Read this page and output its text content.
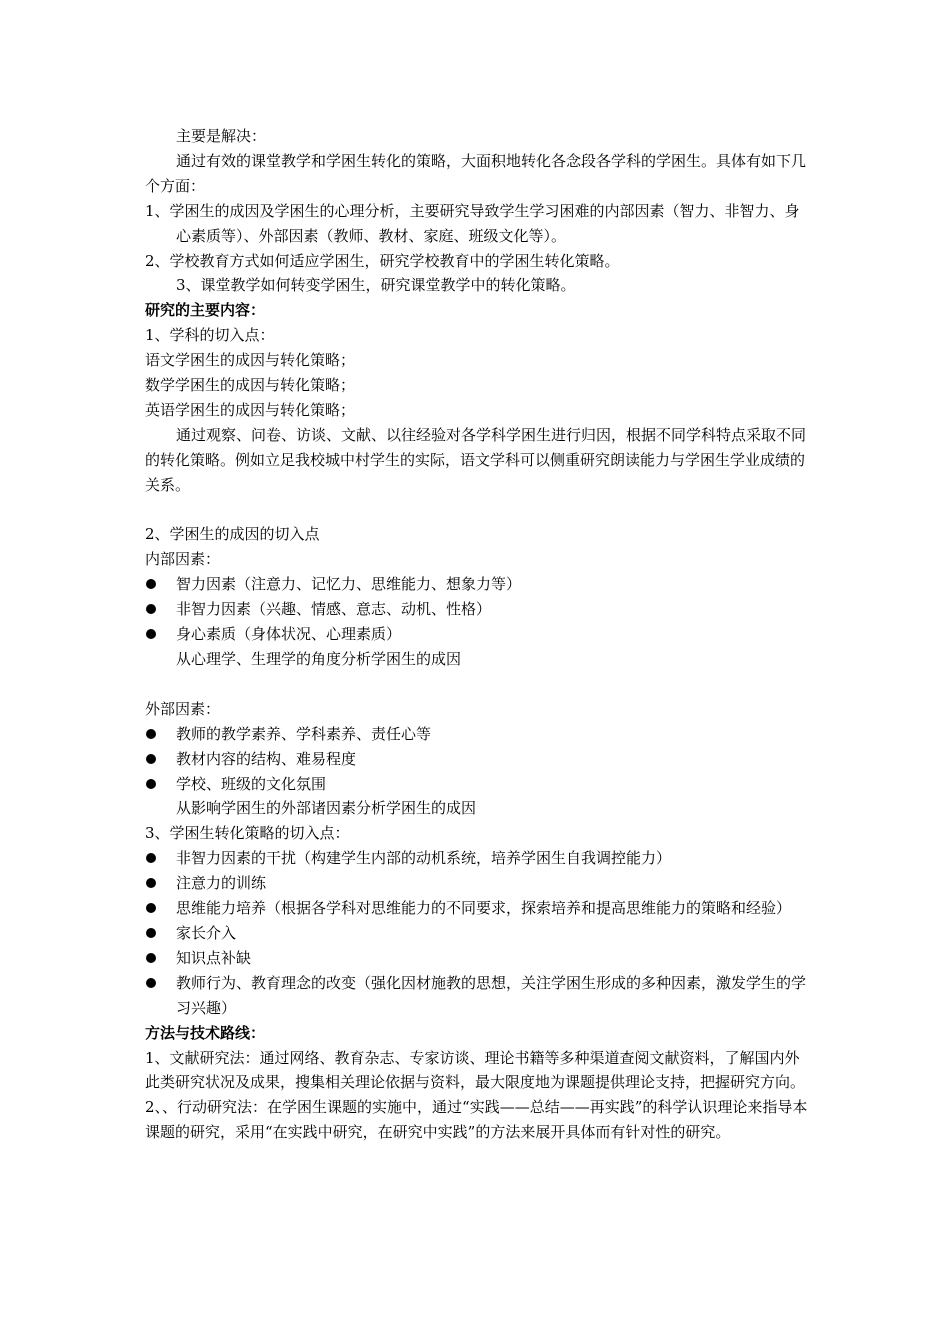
主要是解决：

通过有效的课堂教学和学困生转化的策略，大面积地转化各念段各学科的学困生。具体有如下几个方面：

1、学困生的成因及学困生的心理分析，主要研究导致学生学习困难的内部因素（智力、非智力、身心素质等）、外部因素（教师、教材、家庭、班级文化等）。

2、学校教育方式如何适应学困生，研究学校教育中的学困生转化策略。

3、课堂教学如何转变学困生，研究课堂教学中的转化策略。

研究的主要内容：

1、学科的切入点：

语文学困生的成因与转化策略；

数学学困生的成因与转化策略；

英语学困生的成因与转化策略；

通过观察、问卷、访谈、文献、以往经验对各学科学困生进行归因，根据不同学科特点采取不同的转化策略。例如立足我校城中村学生的实际，语文学科可以侧重研究朗读能力与学困生学业成绩的关系。

2、学困生的成因的切入点

内部因素：

智力因素（注意力、记忆力、思维能力、想象力等）
非智力因素（兴趣、情感、意志、动机、性格）
身心素质（身体状况、心理素质）

从心理学、生理学的角度分析学困生的成因

外部因素：

教师的教学素养、学科素养、责任心等
教材内容的结构、难易程度
学校、班级的文化氛围

从影响学困生的外部诸因素分析学困生的成因

3、学困生转化策略的切入点：

非智力因素的干扰（构建学生内部的动机系统，培养学困生自我调控能力）
注意力的训练
思维能力培养（根据各学科对思维能力的不同要求，探索培养和提高思维能力的策略和经验）
家长介入
知识点补缺
教师行为、教育理念的改变（强化因材施教的思想，关注学困生形成的多种因素，激发学生的学习兴趣）

方法与技术路线：

1、文献研究法：通过网络、教育杂志、专家访谈、理论书籍等多种渠道查阅文献资料，了解国内外此类研究状况及成果，搜集相关理论依据与资料，最大限度地为课题提供理论支持，把握研究方向。

2、、行动研究法：在学困生课题的实施中，通过“实践——总结——再实践”的科学认识理论来指导本课题的研究，采用“在实践中研究，在研究中实践”的方法来展开具体而有针对性的研究。
